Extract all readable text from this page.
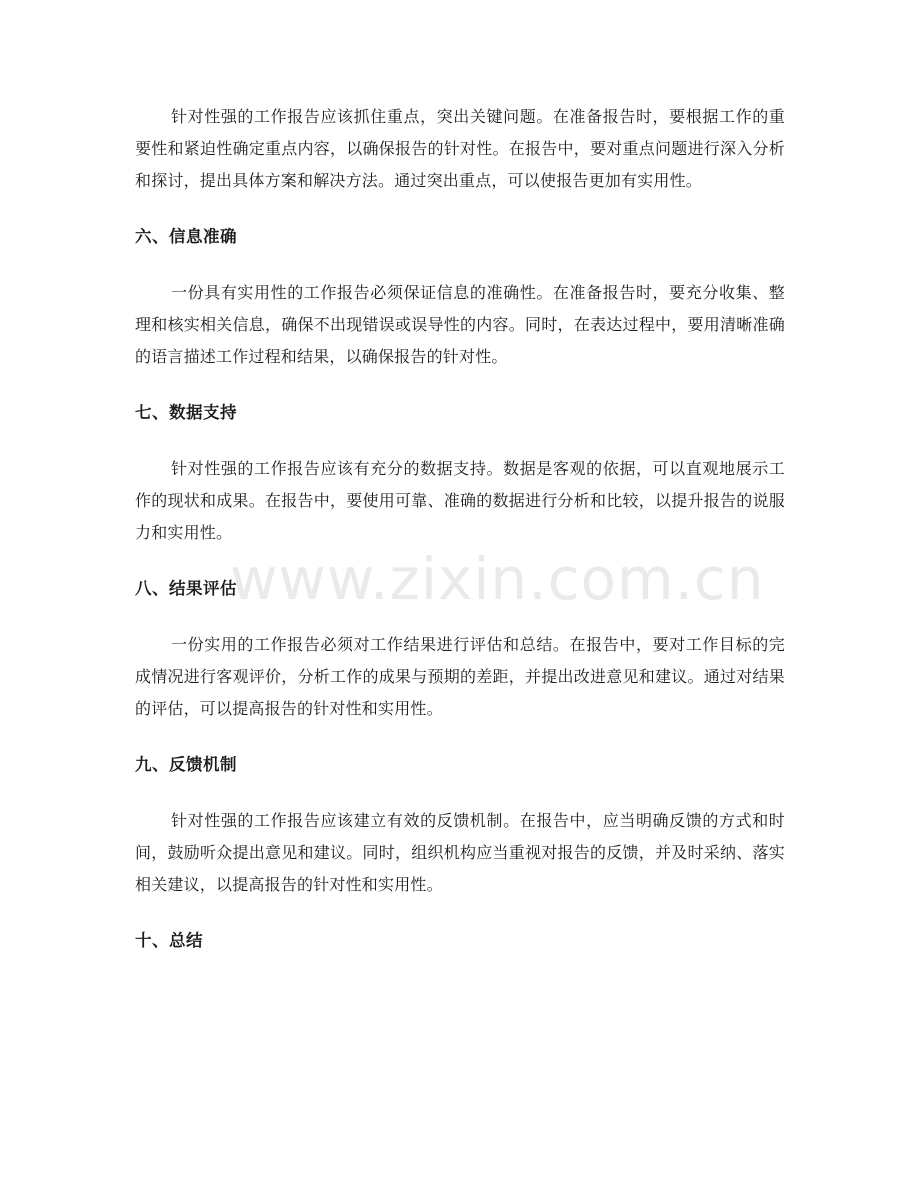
针对性强的工作报告应该抓住重点，突出关键问题。在准备报告时，要根据工作的重要性和紧迫性确定重点内容，以确保报告的针对性。在报告中，要对重点问题进行深入分析和探讨，提出具体方案和解决方法。通过突出重点，可以使报告更加有实用性。

六、信息准确

一份具有实用性的工作报告必须保证信息的准确性。在准备报告时，要充分收集、整理和核实相关信息，确保不出现错误或误导性的内容。同时，在表达过程中，要用清晰准确的语言描述工作过程和结果，以确保报告的针对性。

七、数据支持

针对性强的工作报告应该有充分的数据支持。数据是客观的依据，可以直观地展示工作的现状和成果。在报告中，要使用可靠、准确的数据进行分析和比较，以提升报告的说服力和实用性。

八、结果评估

一份实用的工作报告必须对工作结果进行评估和总结。在报告中，要对工作目标的完成情况进行客观评价，分析工作的成果与预期的差距，并提出改进意见和建议。通过对结果的评估，可以提高报告的针对性和实用性。

九、反馈机制

针对性强的工作报告应该建立有效的反馈机制。在报告中，应当明确反馈的方式和时间，鼓励听众提出意见和建议。同时，组织机构应当重视对报告的反馈，并及时采纳、落实相关建议，以提高报告的针对性和实用性。

十、总结
www.zixin.com.cn
